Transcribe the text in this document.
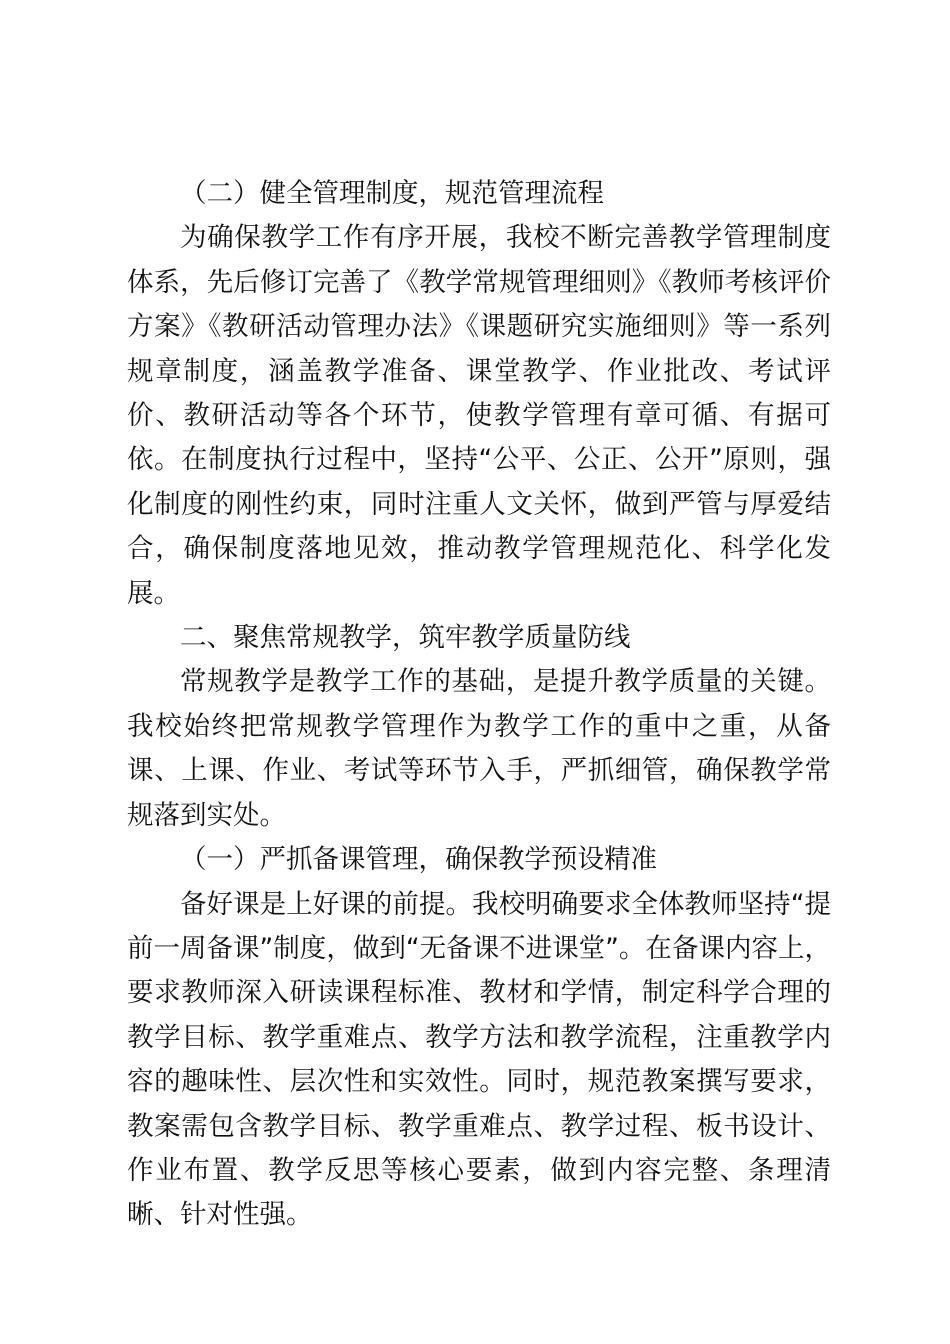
（二）健全管理制度，规范管理流程

为确保教学工作有序开展，我校不断完善教学管理制度体系，先后修订完善了《教学常规管理细则》《教师考核评价方案》《教研活动管理办法》《课题研究实施细则》等一系列规章制度，涵盖教学准备、课堂教学、作业批改、考试评价、教研活动等各个环节，使教学管理有章可循、有据可依。在制度执行过程中，坚持“公平、公正、公开”原则，强化制度的刚性约束，同时注重人文关怀，做到严管与厚爱结合，确保制度落地见效，推动教学管理规范化、科学化发展。

二、聚焦常规教学，筑牢教学质量防线

常规教学是教学工作的基础，是提升教学质量的关键。我校始终把常规教学管理作为教学工作的重中之重，从备课、上课、作业、考试等环节入手，严抓细管，确保教学常规落到实处。

（一）严抓备课管理，确保教学预设精准

备好课是上好课的前提。我校明确要求全体教师坚持“提前一周备课”制度，做到“无备课不进课堂”。在备课内容上，要求教师深入研读课程标准、教材和学情，制定科学合理的教学目标、教学重难点、教学方法和教学流程，注重教学内容的趣味性、层次性和实效性。同时，规范教案撰写要求，教案需包含教学目标、教学重难点、教学过程、板书设计、作业布置、教学反思等核心要素，做到内容完整、条理清晰、针对性强。
